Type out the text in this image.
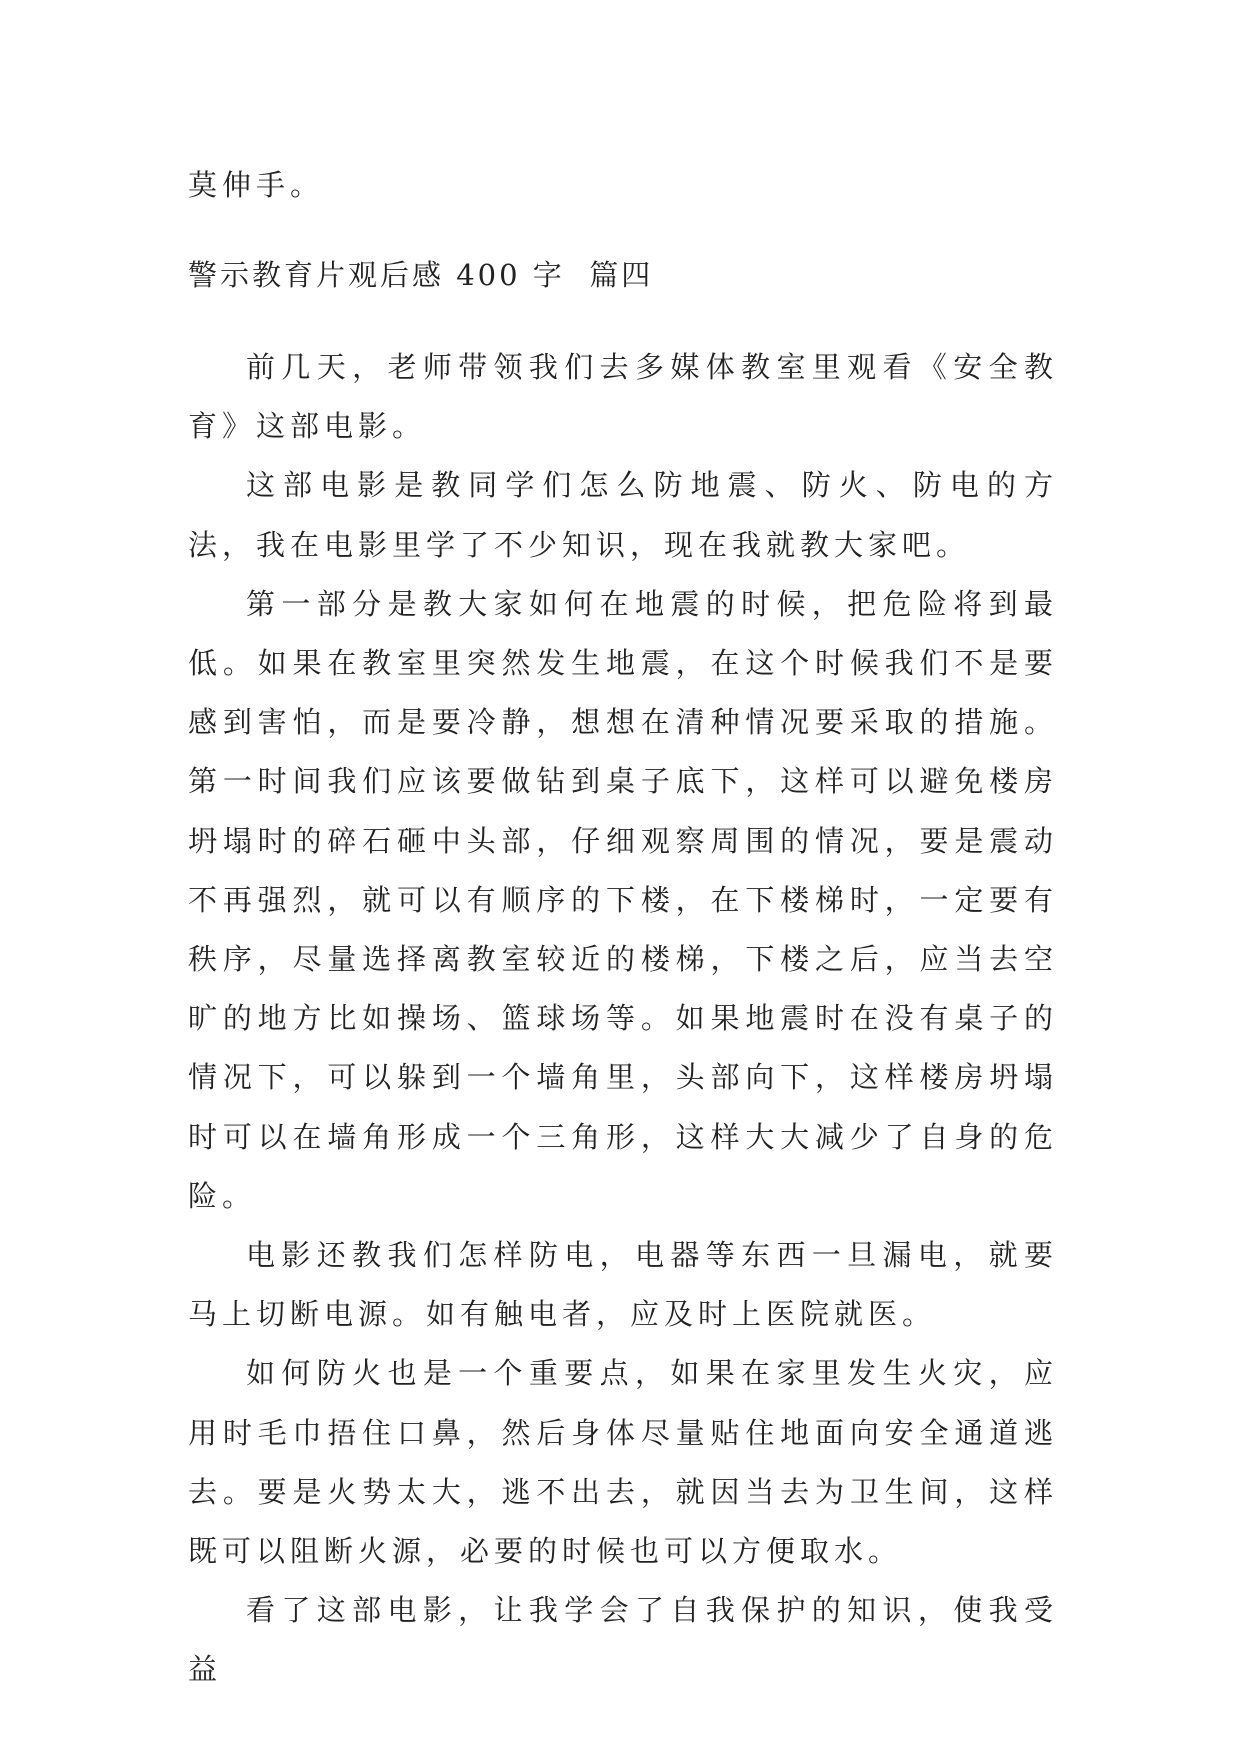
莫伸手。

警示教育片观后感 400 字  篇四

前几天，老师带领我们去多媒体教室里观看《安全教育》这部电影。

这部电影是教同学们怎么防地震、防火、防电的方法，我在电影里学了不少知识，现在我就教大家吧。

第一部分是教大家如何在地震的时候，把危险将到最低。如果在教室里突然发生地震，在这个时候我们不是要感到害怕，而是要冷静，想想在清种情况要采取的措施。第一时间我们应该要做钻到桌子底下，这样可以避免楼房坍塌时的碎石砸中头部，仔细观察周围的情况，要是震动不再强烈，就可以有顺序的下楼，在下楼梯时，一定要有秩序，尽量选择离教室较近的楼梯，下楼之后，应当去空旷的地方比如操场、篮球场等。如果地震时在没有桌子的情况下，可以躲到一个墙角里，头部向下，这样楼房坍塌时可以在墙角形成一个三角形，这样大大减少了自身的危险。

电影还教我们怎样防电，电器等东西一旦漏电，就要马上切断电源。如有触电者，应及时上医院就医。

如何防火也是一个重要点，如果在家里发生火灾，应用时毛巾捂住口鼻，然后身体尽量贴住地面向安全通道逃去。要是火势太大，逃不出去，就因当去为卫生间，这样既可以阻断火源，必要的时候也可以方便取水。

看了这部电影，让我学会了自我保护的知识，使我受益
